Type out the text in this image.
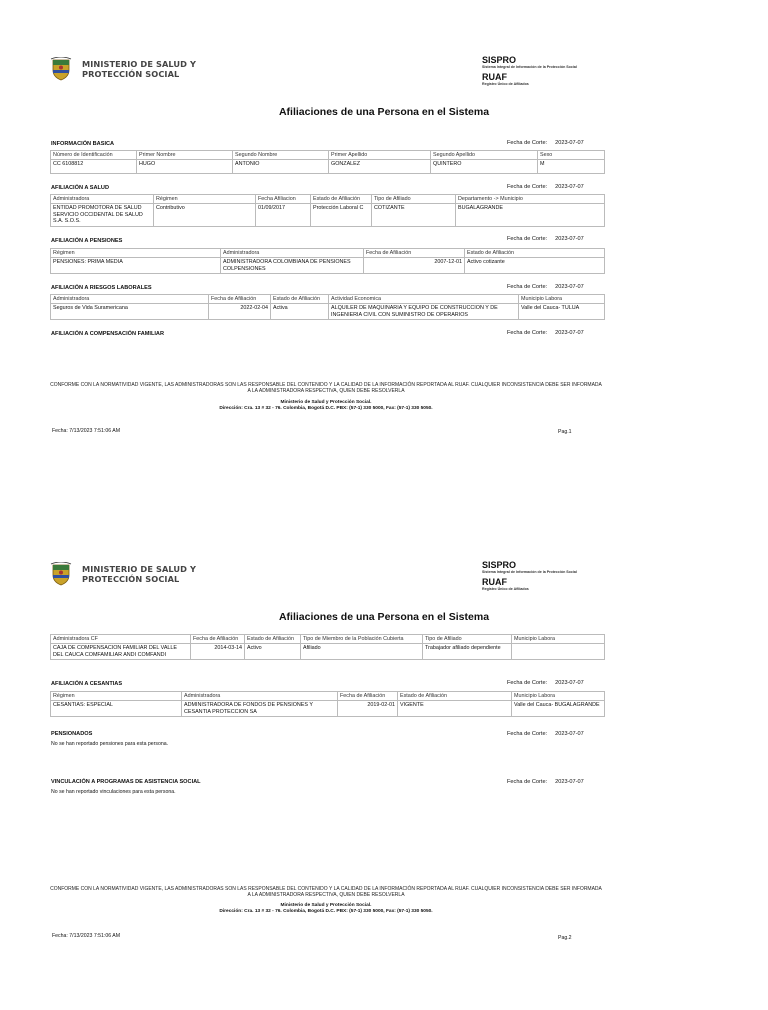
MINISTERIO DE SALUD Y
PROTECCIÓN SOCIAL
SISPRO
Sistema Integral de Información de la Protección Social
RUAF
Registro Único de Afiliados
Afiliaciones de una Persona en el Sistema
INFORMACIÓN BASICA	Fecha de Corte: 2023-07-07
Número de Identificación	Primer Nombre	Segundo Nombre	Primer Apellido	Segundo Apellido	Sexo
CC 6108812	HUGO	ANTONIO	GONZALEZ	QUINTERO	M
AFILIACIÓN A SALUD	Fecha de Corte: 2023-07-07
Administradora	Régimen	Fecha Afiliacion	Estado de Afiliación	Tipo de Afiliado	Departamento -> Municipio
ENTIDAD PROMOTORA DE SALUD SERVICIO OCCIDENTAL DE SALUD S.A. S.O.S.	Contributivo	01/09/2017	Protección Laboral C	COTIZANTE	BUGALAGRANDE
AFILIACIÓN A PENSIONES	Fecha de Corte: 2023-07-07
Régimen	Administradora	Fecha de Afiliación	Estado de Afiliación
PENSIONES: PRIMA MEDIA	ADMINISTRADORA COLOMBIANA DE PENSIONES COLPENSIONES	2007-12-01	Activo cotizante
AFILIACIÓN A RIESGOS LABORALES	Fecha de Corte: 2023-07-07
Administradora	Fecha de Afiliación	Estado de Afiliación	Actividad Economica	Municipio Labora
Seguros de Vida Suramericana	2022-02-04	Activa	ALQUILER DE MAQUINARIA Y EQUIPO DE CONSTRUCCION Y DE INGENIERIA CIVIL CON SUMINISTRO DE OPERARIOS	Valle del Cauca- TULUA
AFILIACIÓN A COMPENSACIÓN FAMILIAR	Fecha de Corte: 2023-07-07
CONFORME CON LA NORMATIVIDAD VIGENTE, LAS ADMINISTRADORAS SON LAS RESPONSABLE DEL CONTENIDO Y LA CALIDAD DE LA INFORMACIÓN REPORTADA AL RUAF. CUALQUIER INCONSISTENCIA DEBE SER INFORMADA A LA ADMINISTRADORA RESPECTIVA, QUIEN DEBE RESOLVERLA
Ministerio de Salud y Protección Social.
Dirección: Cra. 13 # 32 - 76. Colombia, Bogotá D.C. PBX: (57-1) 330 5000, Fax: (57-1) 330 5050.
Fecha: 7/13/2023 7:51:06 AM	Pag.1
MINISTERIO DE SALUD Y
PROTECCIÓN SOCIAL
SISPRO
Sistema Integral de Información de la Protección Social
RUAF
Registro Único de Afiliados
Afiliaciones de una Persona en el Sistema
Administradora CF	Fecha de Afiliación	Estado de Afiliación	Tipo de Miembro de la Población Cubierta	Tipo de Afiliado	Municipio Labora
CAJA DE COMPENSACION FAMILIAR DEL VALLE DEL CAUCA COMFAMILIAR ANDI COMFANDI	2014-03-14	Activo	Afiliado	Trabajador afiliado dependiente	
AFILIACIÓN A CESANTIAS	Fecha de Corte: 2023-07-07
Régimen	Administradora	Fecha de Afiliación	Estado de Afiliación	Municipio Labora
CESANTIAS: ESPECIAL	ADMINISTRADORA DE FONDOS DE PENSIONES Y CESANTIA PROTECCION SA	2019-02-01	VIGENTE	Valle del Cauca- BUGALAGRANDE
PENSIONADOS	Fecha de Corte: 2023-07-07
No se han reportado pensiones para esta persona.
VINCULACIÓN A PROGRAMAS DE ASISTENCIA SOCIAL	Fecha de Corte: 2023-07-07
No se han reportado vinculaciones para esta persona.
CONFORME CON LA NORMATIVIDAD VIGENTE, LAS ADMINISTRADORAS SON LAS RESPONSABLE DEL CONTENIDO Y LA CALIDAD DE LA INFORMACIÓN REPORTADA AL RUAF. CUALQUIER INCONSISTENCIA DEBE SER INFORMADA A LA ADMINISTRADORA RESPECTIVA, QUIEN DEBE RESOLVERLA
Ministerio de Salud y Protección Social.
Dirección: Cra. 13 # 32 - 76. Colombia, Bogotá D.C. PBX: (57-1) 330 5000, Fax: (57-1) 330 5050.
Fecha: 7/13/2023 7:51:06 AM	Pag.2
